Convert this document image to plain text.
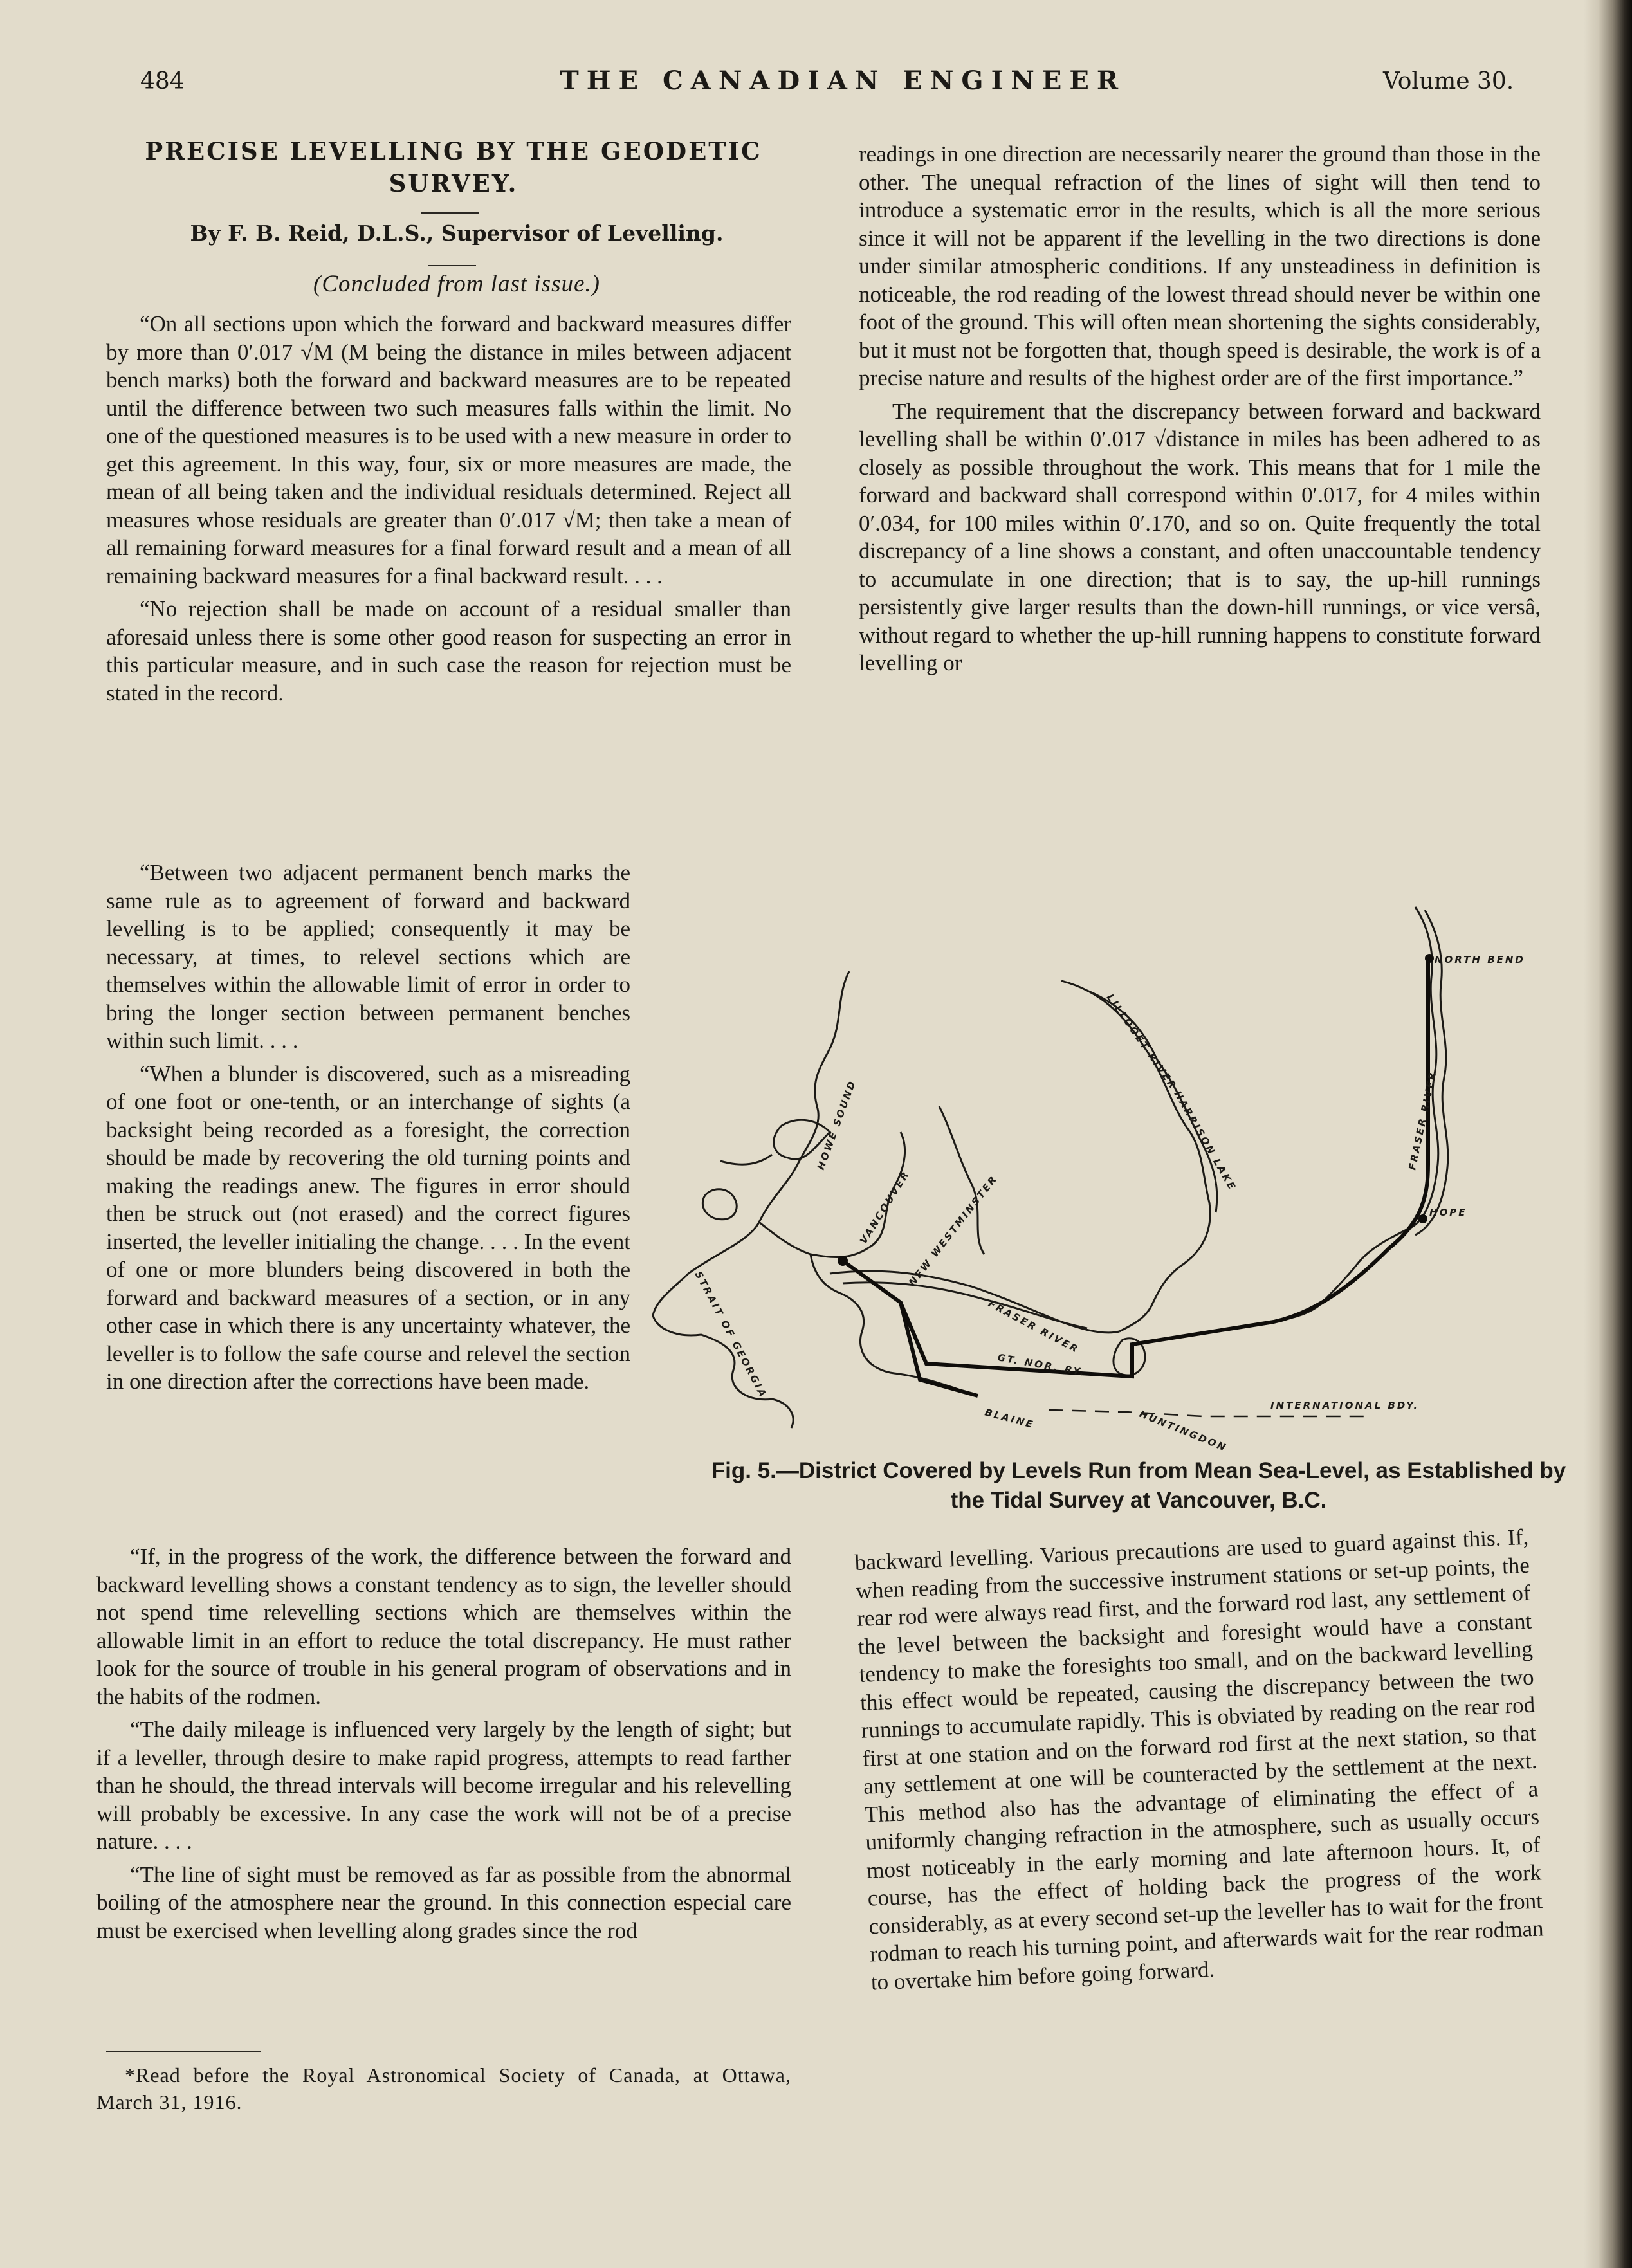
484	THE CANADIAN ENGINEER	Volume 30.
PRECISE LEVELLING BY THE GEODETIC SURVEY.
By F. B. Reid, D.L.S., Supervisor of Levelling.
(Concluded from last issue.)

“On all sections upon which the forward and backward measures differ by more than 0′.017 √M (M being the distance in miles between adjacent bench marks) both the forward and backward measures are to be repeated until the difference between two such measures falls within the limit. No one of the questioned measures is to be used with a new measure in order to get this agreement. In this way, four, six or more measures are made, the mean of all being taken and the individual residuals determined. Reject all measures whose residuals are greater than 0′.017 √M; then take a mean of all remaining forward measures for a final forward result and a mean of all remaining backward measures for a final backward result. . . .

“No rejection shall be made on account of a residual smaller than aforesaid unless there is some other good reason for suspecting an error in this particular measure, and in such case the reason for rejection must be stated in the record.

“Between two adjacent permanent bench marks the same rule as to agreement of forward and backward levelling is to be applied; consequently it may be necessary, at times, to relevel sections which are themselves within the allowable limit of error in order to bring the longer section between permanent benches within such limit. . . .

“When a blunder is discovered, such as a misreading of one foot or one-tenth, or an interchange of sights (a backsight being recorded as a foresight, the correction should be made by recovering the old turning points and making the readings anew. The figures in error should then be struck out (not erased) and the correct figures inserted, the leveller initialing the change. . . . In the event of one or more blunders being discovered in both the forward and backward measures of a section, or in any other case in which there is any uncertainty whatever, the leveller is to follow the safe course and relevel the section in one direction after the corrections have been made.

“If, in the progress of the work, the difference between the forward and backward levelling shows a constant tendency as to sign, the leveller should not spend time relevelling sections which are themselves within the allowable limit in an effort to reduce the total discrepancy. He must rather look for the source of trouble in his general program of observations and in the habits of the rodmen.

“The daily mileage is influenced very largely by the length of sight; but if a leveller, through desire to make rapid progress, attempts to read farther than he should, the thread intervals will become irregular and his relevelling will probably be excessive. In any case the work will not be of a precise nature. . . .

“The line of sight must be removed as far as possible from the abnormal boiling of the atmosphere near the ground. In this connection especial care must be exercised when levelling along grades since the rod

readings in one direction are necessarily nearer the ground than those in the other. The unequal refraction of the lines of sight will then tend to introduce a systematic error in the results, which is all the more serious since it will not be apparent if the levelling in the two directions is done under similar atmospheric conditions. If any unsteadiness in definition is noticeable, the rod reading of the lowest thread should never be within one foot of the ground. This will often mean shortening the sights considerably, but it must not be forgotten that, though speed is desirable, the work is of a precise nature and results of the highest order are of the first importance.”

The requirement that the discrepancy between forward and backward levelling shall be within 0′.017 √distance in miles has been adhered to as closely as possible throughout the work. This means that for 1 mile the forward and backward shall correspond within 0′.017, for 4 miles within 0′.034, for 100 miles within 0′.170, and so on. Quite frequently the total discrepancy of a line shows a constant, and often unaccountable tendency to accumulate in one direction; that is to say, the up-hill runnings persistently give larger results than the down-hill runnings, or vice versâ, without regard to whether the up-hill running happens to constitute forward levelling or

NORTH BEND
HOPE
FRASER RIVER
FRASER RIVER
HARRISON LAKE
LILLOOET RIVER
VANCOUVER
NEW WESTMINSTER
HOWE SOUND
STRAIT OF GEORGIA	GT. NOR. RY.
BLAINE	HUNTINGDON
INTERNATIONAL BDY.
Fig. 5.—District Covered by Levels Run from Mean Sea-Level, as Established by the Tidal Survey at Vancouver, B.C.

backward levelling. Various precautions are used to guard against this. If, when reading from the successive instrument stations or set-up points, the rear rod were always read first, and the forward rod last, any settlement of the level between the backsight and foresight would have a constant tendency to make the foresights too small, and on the backward levelling this effect would be repeated, causing the discrepancy between the two runnings to accumulate rapidly. This is obviated by reading on the rear rod first at one station and on the forward rod first at the next station, so that any settlement at one will be counteracted by the settlement at the next. This method also has the advantage of eliminating the effect of a uniformly changing refraction in the atmosphere, such as usually occurs most noticeably in the early morning and late afternoon hours. It, of course, has the effect of holding back the progress of the work considerably, as at every second set-up the leveller has to wait for the front rodman to reach his turning point, and afterwards wait for the rear rodman to overtake him before going forward.

*Read before the Royal Astronomical Society of Canada, at Ottawa, March 31, 1916.
